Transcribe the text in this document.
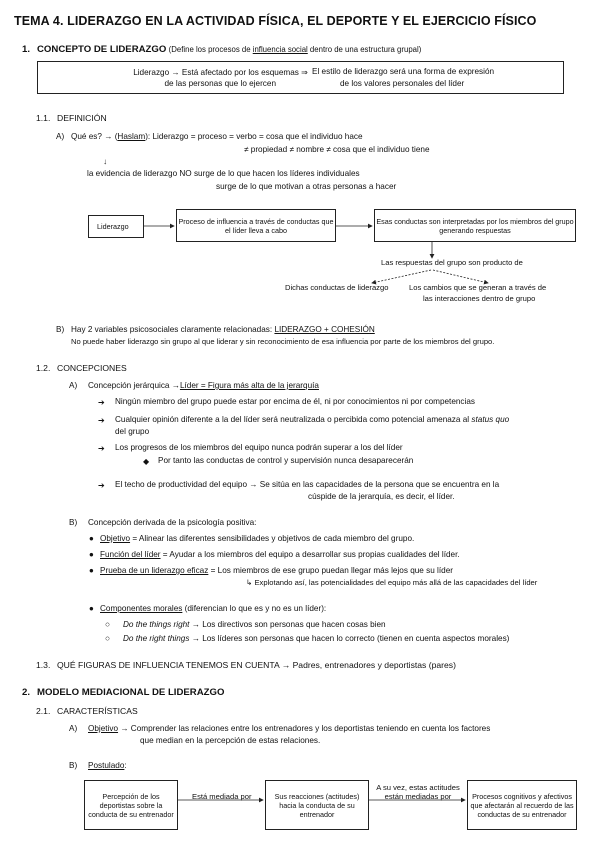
TEMA 4. LIDERAZGO EN LA ACTIVIDAD FÍSICA, EL DEPORTE Y EL EJERCICIO FÍSICO
1. CONCEPTO DE LIDERAZGO (Define los procesos de influencia social dentro de una estructura grupal)
Liderazgo → Está afectado por los esquemas ⇒
de las personas que lo ejercen
El estilo de liderazgo será una forma de expresión
de los valores personales del líder
1.1. DEFINICIÓN
A) Qué es? → (Haslam): Liderazgo = proceso = verbo = cosa que el individuo hace
≠ propiedad ≠ nombre ≠ cosa que el individuo tiene
↓
la evidencia de liderazgo NO surge de lo que hacen los líderes individuales
surge de lo que motivan a otras personas a hacer
Liderazgo
Proceso de influencia a través de conductas que el líder lleva a cabo
Esas conductas son interpretadas por los miembros del grupo generando respuestas
Las respuestas del grupo son producto de
Dichas conductas de liderazgo	Los cambios que se generan a través de
las interacciones dentro de grupo
B) Hay 2 variables psicosociales claramente relacionadas: LIDERAZGO + COHESIÓN
No puede haber liderazgo sin grupo al que liderar y sin reconocimiento de esa influencia por parte de los miembros del grupo.
1.2. CONCEPCIONES
A) Concepción jerárquica →Líder = Figura más alta de la jerarquía
➔ Ningún miembro del grupo puede estar por encima de él, ni por conocimientos ni por competencias
➔ Cualquier opinión diferente a la del líder será neutralizada o percibida como potencial amenaza al status quo
del grupo
➔ Los progresos de los miembros del equipo nunca podrán superar a los del líder
◆ Por tanto las conductas de control y supervisión nunca desaparecerán
➔ El techo de productividad del equipo → Se sitúa en las capacidades de la persona que se encuentra en la
cúspide de la jerarquía, es decir, el líder.
B) Concepción derivada de la psicología positiva:
● Objetivo = Alinear las diferentes sensibilidades y objetivos de cada miembro del grupo.
● Función del líder = Ayudar a los miembros del equipo a desarrollar sus propias cualidades del líder.
● Prueba de un liderazgo eficaz = Los miembros de ese grupo puedan llegar más lejos que su líder
↳ Explotando así, las potencialidades del equipo más allá de las capacidades del líder
● Componentes morales (diferencian lo que es y no es un líder):
○ Do the things right → Los directivos son personas que hacen cosas bien
○ Do the right things → Los líderes son personas que hacen lo correcto (tienen en cuenta aspectos morales)
1.3. QUÉ FIGURAS DE INFLUENCIA TENEMOS EN CUENTA → Padres, entrenadores y deportistas (pares)
2. MODELO MEDIACIONAL DE LIDERAZGO
2.1. CARACTERÍSTICAS
A) Objetivo → Comprender las relaciones entre los entrenadores y los deportistas teniendo en cuenta los factores
que median en la percepción de estas relaciones.
B) Postulado:
Percepción de los deportistas sobre la conducta de su entrenador
Está mediada por	Sus reacciones (actitudes) hacia la conducta de su entrenador
A su vez, estas actitudes están mediadas por	Procesos cognitivos y afectivos que afectarán al recuerdo de las conductas de su entrenador
